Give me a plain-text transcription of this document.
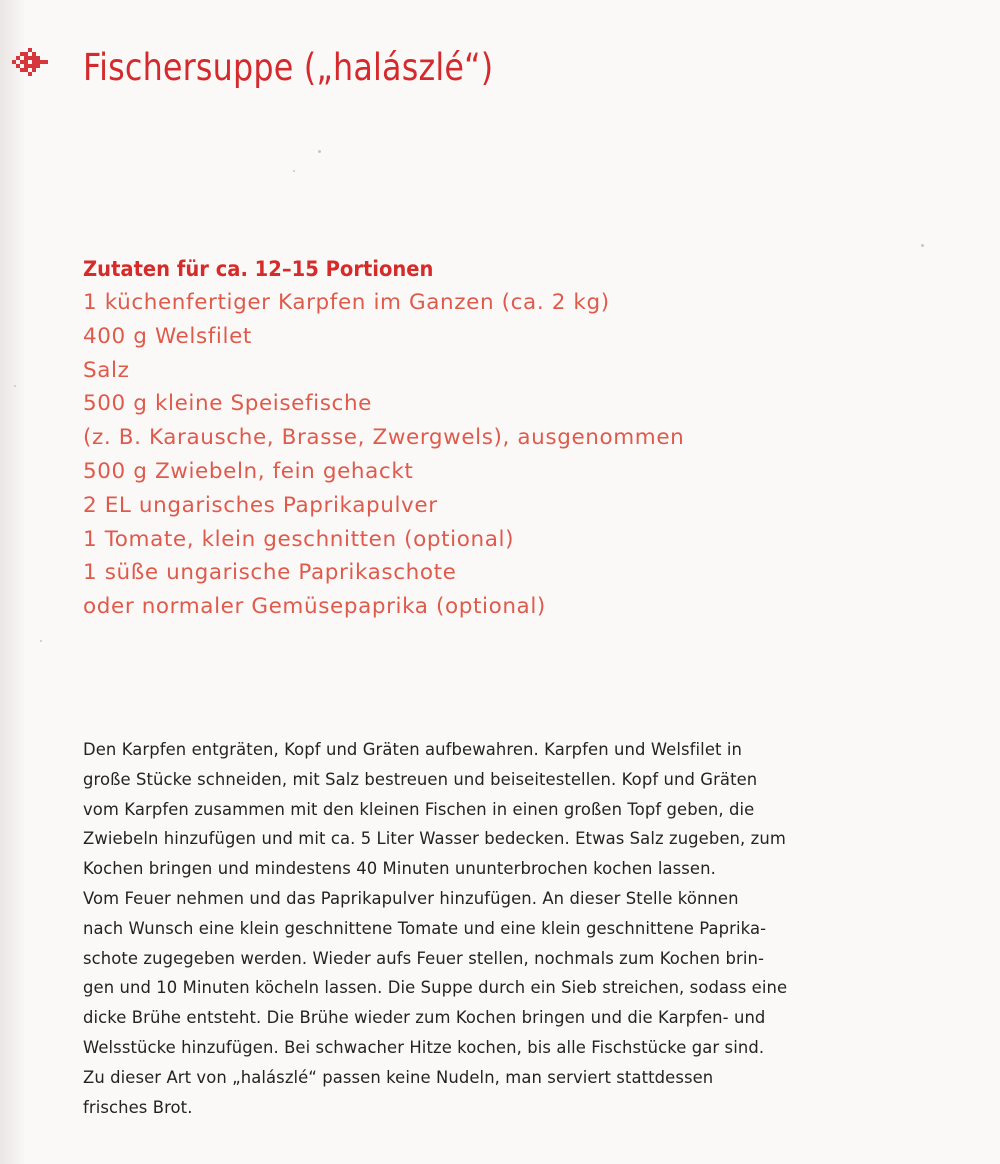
Fischersuppe („halászlé“)
Zutaten für ca. 12–15 Portionen
1 küchenfertiger Karpfen im Ganzen (ca. 2 kg)
400 g Welsfilet
Salz
500 g kleine Speisefische
(z. B. Karausche, Brasse, Zwergwels), ausgenommen
500 g Zwiebeln, fein gehackt
2 EL ungarisches Paprikapulver
1 Tomate, klein geschnitten (optional)
1 süße ungarische Paprikaschote
oder normaler Gemüsepaprika (optional)

Den Karpfen entgräten, Kopf und Gräten aufbewahren. Karpfen und Welsfilet in
große Stücke schneiden, mit Salz bestreuen und beiseitestellen. Kopf und Gräten
vom Karpfen zusammen mit den kleinen Fischen in einen großen Topf geben, die
Zwiebeln hinzufügen und mit ca. 5 Liter Wasser bedecken. Etwas Salz zugeben, zum
Kochen bringen und mindestens 40 Minuten ununterbrochen kochen lassen.
Vom Feuer nehmen und das Paprikapulver hinzufügen. An dieser Stelle können
nach Wunsch eine klein geschnittene Tomate und eine klein geschnittene Paprika-
schote zugegeben werden. Wieder aufs Feuer stellen, nochmals zum Kochen brin-
gen und 10 Minuten köcheln lassen. Die Suppe durch ein Sieb streichen, sodass eine
dicke Brühe entsteht. Die Brühe wieder zum Kochen bringen und die Karpfen- und
Welsstücke hinzufügen. Bei schwacher Hitze kochen, bis alle Fischstücke gar sind.
Zu dieser Art von „halászlé“ passen keine Nudeln, man serviert stattdessen
frisches Brot.
